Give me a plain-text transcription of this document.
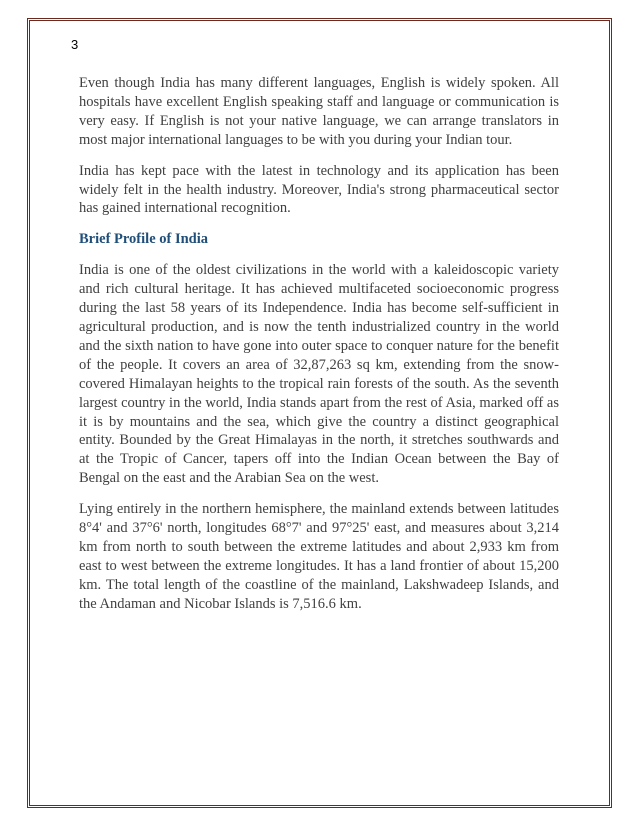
3

Even though India has many different languages, English is widely spoken. All hospitals have excellent English speaking staff and language or communication is very easy. If English is not your native language, we can arrange translators in most major international languages to be with you during your Indian tour.

India has kept pace with the latest in technology and its application has been widely felt in the health industry. Moreover, India's strong pharmaceutical sector has gained international recognition.

Brief Profile of India

India is one of the oldest civilizations in the world with a kaleidoscopic variety and rich cultural heritage. It has achieved multifaceted socioeconomic progress during the last 58 years of its Independence. India has become self-sufficient in agricultural production, and is now the tenth industrialized country in the world and the sixth nation to have gone into outer space to conquer nature for the benefit of the people. It covers an area of 32,87,263 sq km, extending from the snow-covered Himalayan heights to the tropical rain forests of the south. As the seventh largest country in the world, India stands apart from the rest of Asia, marked off as it is by mountains and the sea, which give the country a distinct geographical entity. Bounded by the Great Himalayas in the north, it stretches southwards and at the Tropic of Cancer, tapers off into the Indian Ocean between the Bay of Bengal on the east and the Arabian Sea on the west.

Lying entirely in the northern hemisphere, the mainland extends between latitudes 8°4' and 37°6' north, longitudes 68°7' and 97°25' east, and measures about 3,214 km from north to south between the extreme latitudes and about 2,933 km from east to west between the extreme longitudes. It has a land frontier of about 15,200 km. The total length of the coastline of the mainland, Lakshwadeep Islands, and the Andaman and Nicobar Islands is 7,516.6 km.
